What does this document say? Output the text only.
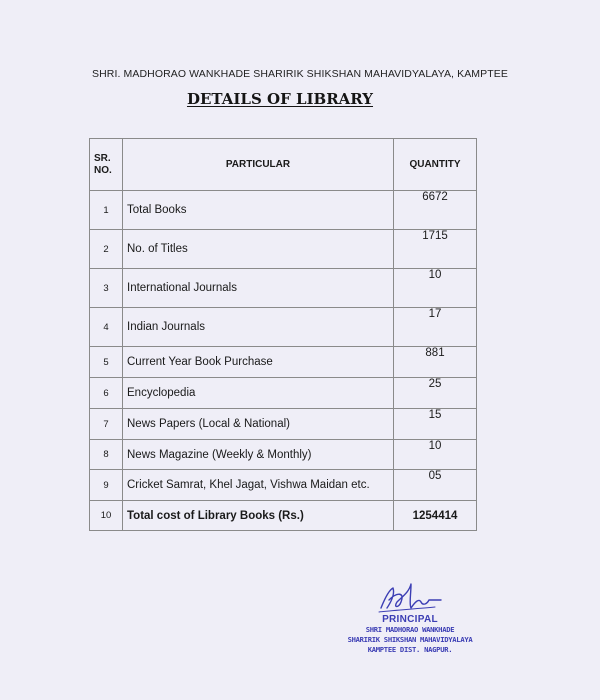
SHRI. MADHORAO WANKHADE SHARIRIK SHIKSHAN MAHAVIDYALAYA, KAMPTEE
DETAILS OF LIBRARY
SR.
NO.	PARTICULAR	QUANTITY
1	Total Books	6672
2	No. of Titles	1715
3	International Journals	10
4	Indian Journals	17
5	Current Year Book Purchase	881
6	Encyclopedia	25
7	News Papers (Local & National)	15
8	News Magazine (Weekly & Monthly)	10
9	Cricket Samrat, Khel Jagat, Vishwa Maidan etc.	05
10	Total cost of Library Books (Rs.)	1254414
PRINCIPAL
SHRI MADHORAO WANKHADE
SHARIRIK SHIKSHAN MAHAVIDYALAYA
KAMPTEE DIST. NAGPUR.
